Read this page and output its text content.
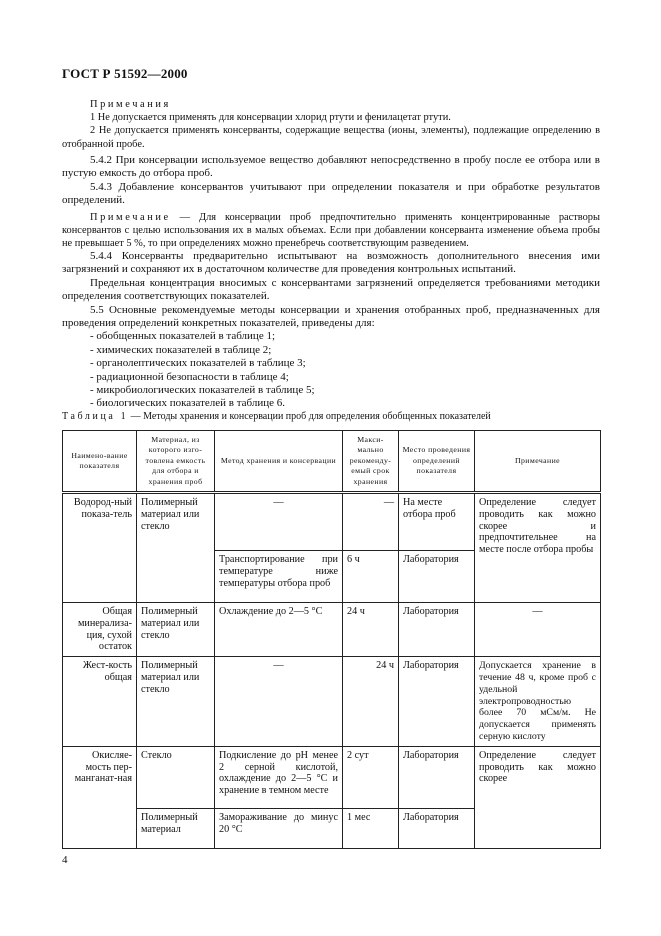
ГОСТ Р 51592—2000

Примечания

1 Не допускается применять для консервации хлорид ртути и фенилацетат ртути.

2 Не допускается применять консерванты, содержащие вещества (ионы, элементы), подлежащие определению в отобранной пробе.

5.4.2 При консервации используемое вещество добавляют непосредственно в пробу после ее отбора или в пустую емкость до отбора проб.

5.4.3 Добавление консервантов учитывают при определении показателя и при обработке результатов определений.

Примечание — Для консервации проб предпочтительно применять концентрированные растворы консервантов с целью использования их в малых объемах. Если при добавлении консерванта изменение объема пробы не превышает 5 %, то при определениях можно пренебречь соответствующим разведением.

5.4.4 Консерванты предварительно испытывают на возможность дополнительного внесения ими загрязнений и сохраняют их в достаточном количестве для проведения контрольных испытаний.

Предельная концентрация вносимых с консервантами загрязнений определяется требованиями методики определения соответствующих показателей.

5.5 Основные рекомендуемые методы консервации и хранения отобранных проб, предназначенных для проведения определений конкретных показателей, приведены для:

- обобщенных показателей в таблице 1;

- химических показателей в таблице 2;

- органолептических показателей в таблице 3;

- радиационной безопасности в таблице 4;

- микробиологических показателей в таблице 5;

- биологических показателей в таблице 6.

Таблица 1 — Методы хранения и консервации проб для определения обобщенных показателей
Наимено-вание показателя	Материал, из которого изго-товлена емкость для отбора и хранения проб	Метод хранения и консервации	Макси-мально рекоменду-емый срок хранения	Место проведения определений показателя	Примечание
Водород-ный показа-тель	Полимерный материал или стекло	—	—	На месте отбора проб	Определение следует проводить как можно скорее и предпочтительнее на месте после отбора пробы
		Транспортирование при температуре ниже температуры отбора проб	6 ч	Лаборатория	
Общая минерализа-ция, сухой остаток	Полимерный материал или стекло	Охлаждение до 2—5 °С	24 ч	Лаборатория	—
Жест-кость общая	Полимерный материал или стекло	—	24 ч	Лаборатория	Допускается хранение в течение 48 ч, кроме проб с удельной электропроводностью более 70 мСм/м. Не допускается применять серную кислоту
Окисляе-мость пер-манганат-ная	Стекло	Подкисление до pH менее 2 серной кислотой, охлаждение до 2—5 °С и хранение в темном месте	2 сут	Лаборатория	Определение следует проводить как можно скорее
	Полимерный материал	Замораживание до минус 20 °С	1 мес	Лаборатория	
4
